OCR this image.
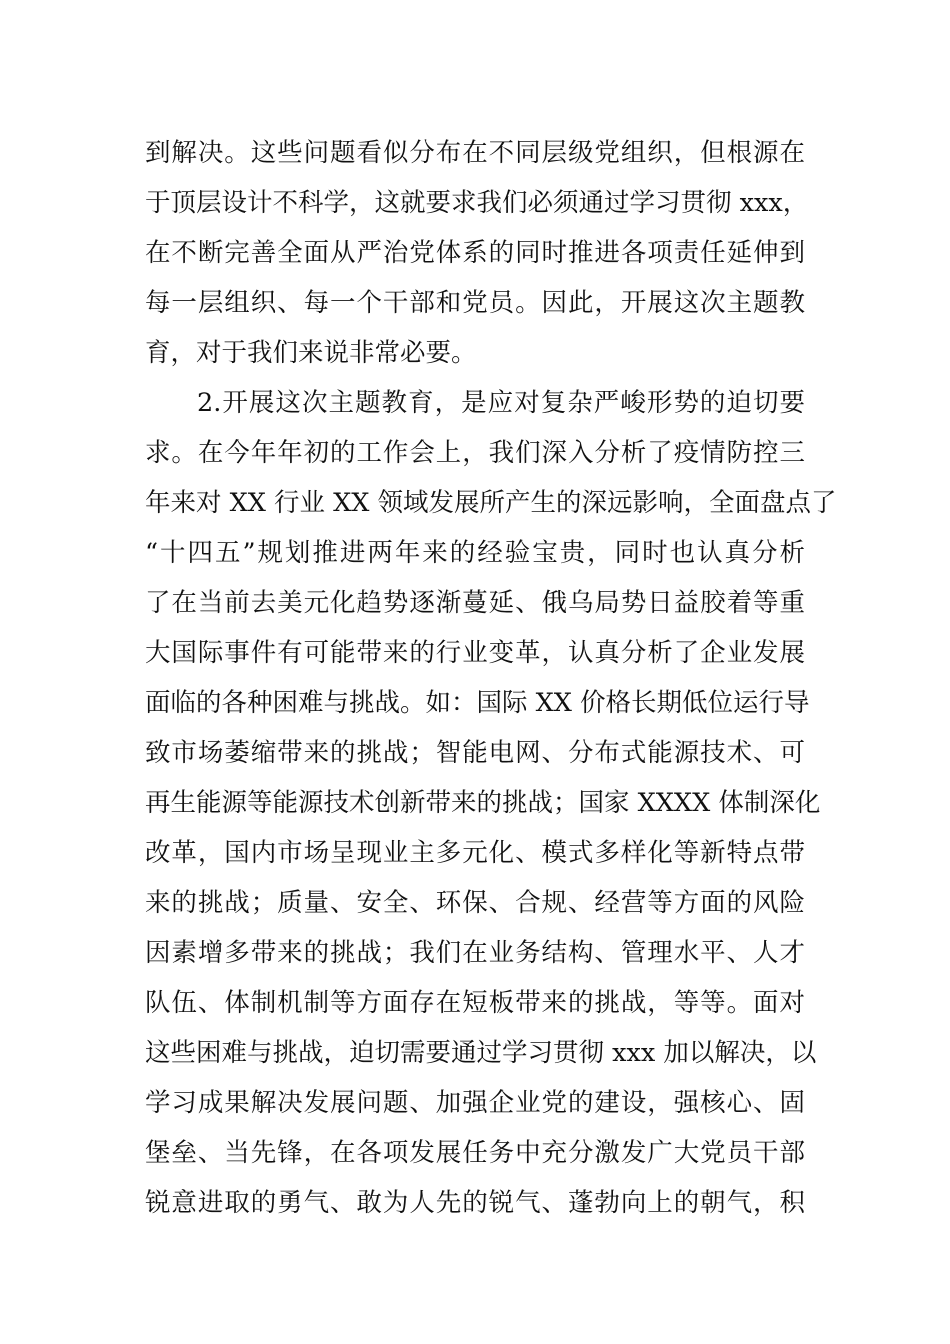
到解决。这些问题看似分布在不同层级党组织，但根源在
于顶层设计不科学，这就要求我们必须通过学习贯彻 xxx，
在不断完善全面从严治党体系的同时推进各项责任延伸到
每一层组织、每一个干部和党员。因此，开展这次主题教
育，对于我们来说非常必要。
2.开展这次主题教育，是应对复杂严峻形势的迫切要
求。在今年年初的工作会上，我们深入分析了疫情防控三
年来对 XX 行业 XX 领域发展所产生的深远影响，全面盘点了
“十四五”规划推进两年来的经验宝贵，同时也认真分析
了在当前去美元化趋势逐渐蔓延、俄乌局势日益胶着等重
大国际事件有可能带来的行业变革，认真分析了企业发展
面临的各种困难与挑战。如：国际 XX 价格长期低位运行导
致市场萎缩带来的挑战；智能电网、分布式能源技术、可
再生能源等能源技术创新带来的挑战；国家 XXXX 体制深化
改革，国内市场呈现业主多元化、模式多样化等新特点带
来的挑战；质量、安全、环保、合规、经营等方面的风险
因素增多带来的挑战；我们在业务结构、管理水平、人才
队伍、体制机制等方面存在短板带来的挑战，等等。面对
这些困难与挑战，迫切需要通过学习贯彻 xxx 加以解决，以
学习成果解决发展问题、加强企业党的建设，强核心、固
堡垒、当先锋，在各项发展任务中充分激发广大党员干部
锐意进取的勇气、敢为人先的锐气、蓬勃向上的朝气，积
